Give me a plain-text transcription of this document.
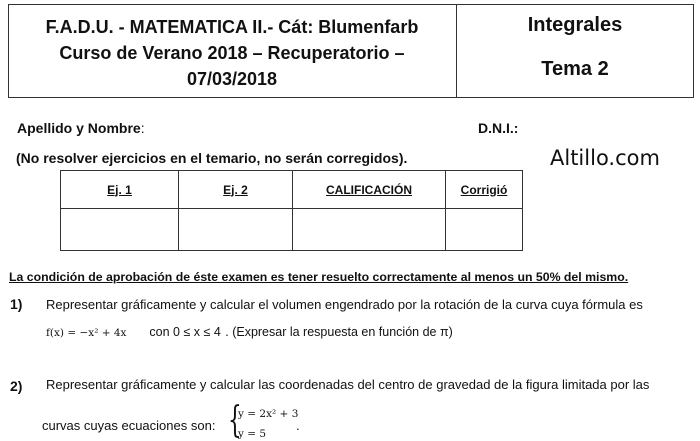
F.A.D.U. - MATEMATICA II.- Cát: Blumenfarb
Curso de Verano 2018 – Recuperatorio –
07/03/2018
Integrales
Tema 2
Apellido y Nombre:	D.N.I.:
(No resolver ejercicios en el temario, no serán corregidos).	Altillo.com
Ej. 1	Ej. 2	CALIFICACIÓN	Corrigió

La condición de aprobación de éste examen es tener resuelto correctamente al menos un 50% del mismo.
1) Representar gráficamente y calcular el volumen engendrado por la rotación de la curva cuya fórmula es
f(x) = −x² + 4x con 0 ≤ x ≤ 4 . (Expresar la respuesta en función de π)
2) Representar gráficamente y calcular las coordenadas del centro de gravedad de la figura limitada por las
curvas cuyas ecuaciones son: {
y = 2x² + 3
y = 5
.
